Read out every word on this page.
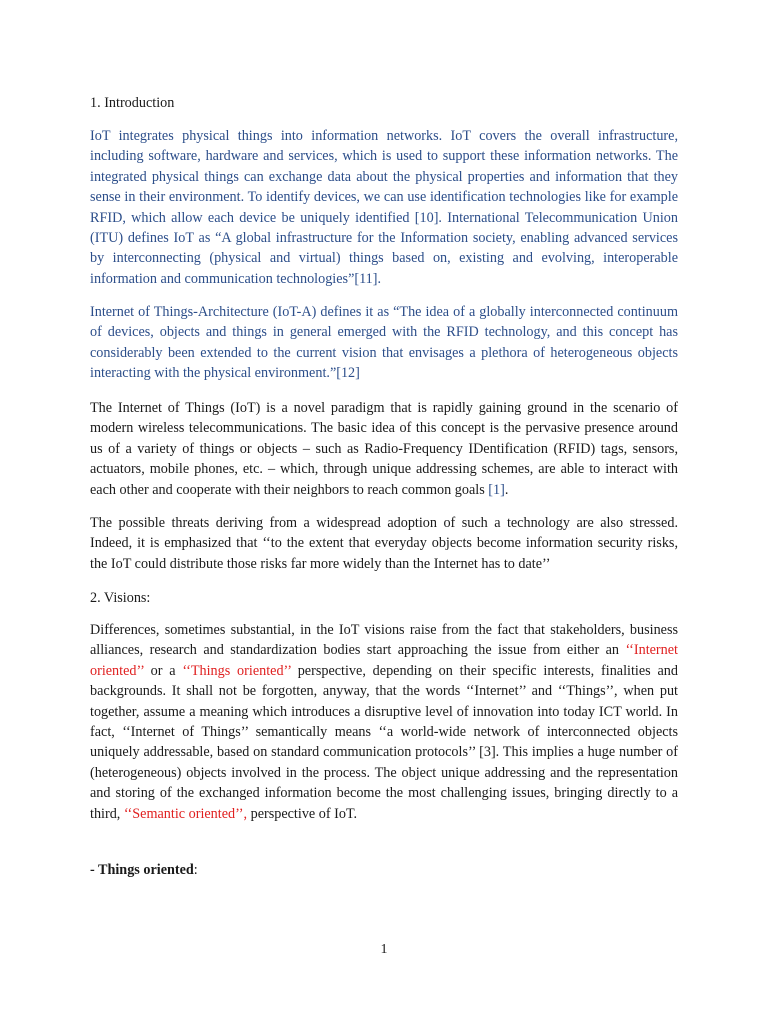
1. Introduction

IoT integrates physical things into information networks. IoT covers the overall infrastructure, including software, hardware and services, which is used to support these information networks. The integrated physical things can exchange data about the physical properties and information that they sense in their environment. To identify devices, we can use identification technologies like for example RFID, which allow each device be uniquely identified [10]. International Telecommunication Union (ITU) defines IoT as “A global infrastructure for the Information society, enabling advanced services by interconnecting (physical and virtual) things based on, existing and evolving, interoperable information and communication technologies”[11].

Internet of Things-Architecture (IoT-A) defines it as “The idea of a globally interconnected continuum of devices, objects and things in general emerged with the RFID technology, and this concept has considerably been extended to the current vision that envisages a plethora of heterogeneous objects interacting with the physical environment.”[12]

The Internet of Things (IoT) is a novel paradigm that is rapidly gaining ground in the scenario of modern wireless telecommunications. The basic idea of this concept is the pervasive presence around us of a variety of things or objects – such as Radio-Frequency IDentification (RFID) tags, sensors, actuators, mobile phones, etc. – which, through unique addressing schemes, are able to interact with each other and cooperate with their neighbors to reach common goals [1].

The possible threats deriving from a widespread adoption of such a technology are also stressed. Indeed, it is emphasized that ‘‘to the extent that everyday objects become information security risks, the IoT could distribute those risks far more widely than the Internet has to date’’

2. Visions:

Differences, sometimes substantial, in the IoT visions raise from the fact that stakeholders, business alliances, research and standardization bodies start approaching the issue from either an ‘‘Internet oriented’’ or a ‘‘Things oriented’’ perspective, depending on their specific interests, finalities and backgrounds. It shall not be forgotten, anyway, that the words ‘‘Internet’’ and ‘‘Things’’, when put together, assume a meaning which introduces a disruptive level of innovation into today ICT world. In fact, ‘‘Internet of Things’’ semantically means ‘‘a world-wide network of interconnected objects uniquely addressable, based on standard communication protocols’’ [3]. This implies a huge number of (heterogeneous) objects involved in the process. The object unique addressing and the representation and storing of the exchanged information become the most challenging issues, bringing directly to a third, ‘‘Semantic oriented’’, perspective of IoT.

- Things oriented:

1
